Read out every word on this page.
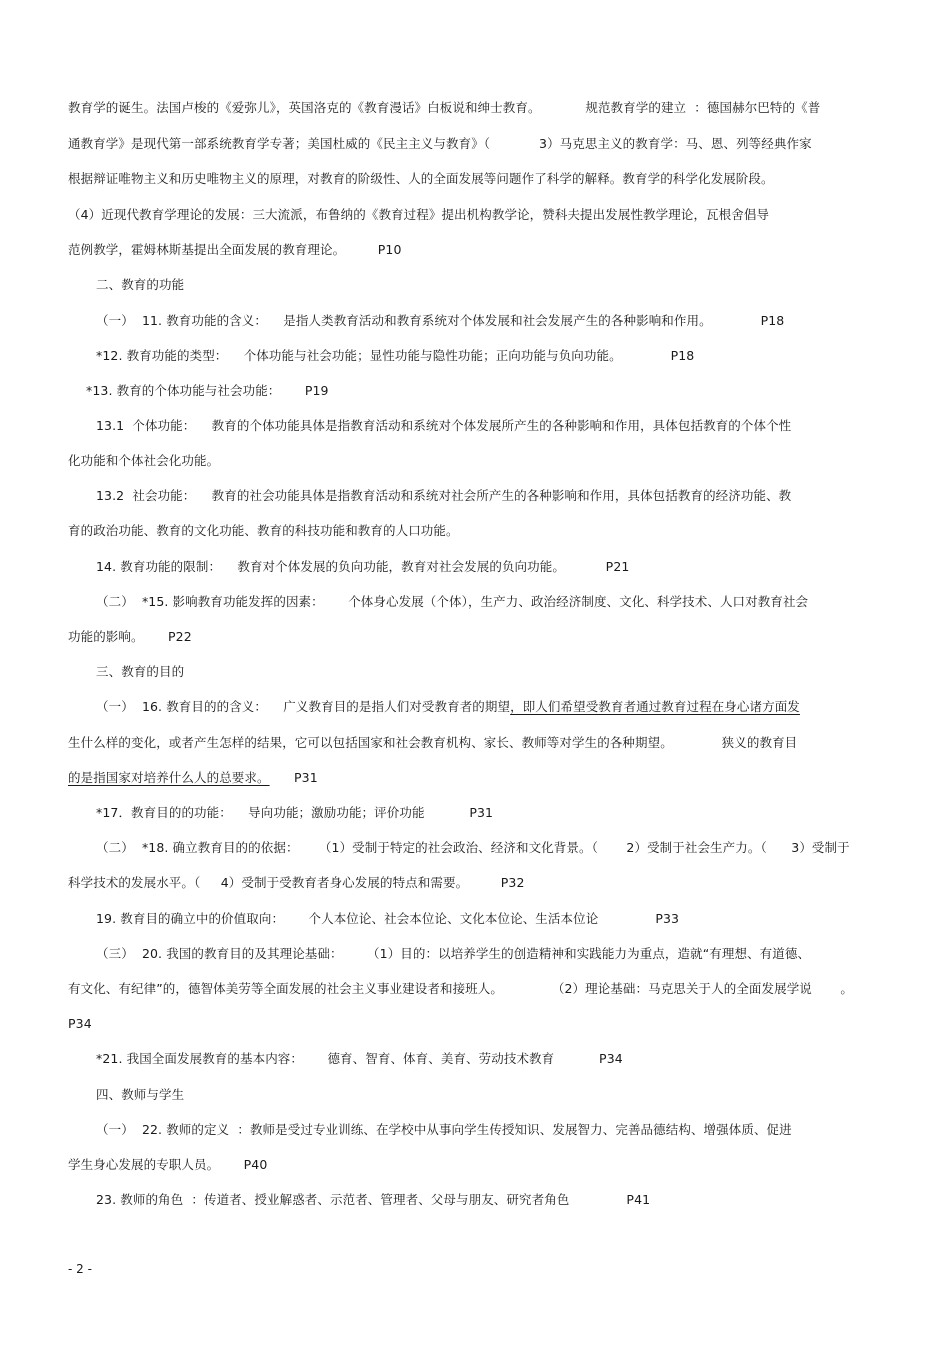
教育学的诞生。法国卢梭的《爱弥儿》，英国洛克的《教育漫话》白板说和绅士教育。           规范教育学的建立  ：德国赫尔巴特的《普
通教育学》是现代第一部系统教育学专著；美国杜威的《民主主义与教育》（            3）马克思主义的教育学：马、恩、列等经典作家
根据辩证唯物主义和历史唯物主义的原理，对教育的阶级性、人的全面发展等问题作了科学的解释。教育学的科学化发展阶段。
（4）近现代教育学理论的发展：三大流派，布鲁纳的《教育过程》提出机构教学论，赞科夫提出发展性教学理论，瓦根舍倡导
范例教学，霍姆林斯基提出全面发展的教育理论。        P10
二、教育的功能
（一）  11. 教育功能的含义：    是指人类教育活动和教育系统对个体发展和社会发展产生的各种影响和作用。            P18
*12. 教育功能的类型：    个体功能与社会功能；显性功能与隐性功能；正向功能与负向功能。            P18
*13. 教育的个体功能与社会功能：      P19
13.1  个体功能：    教育的个体功能具体是指教育活动和系统对个体发展所产生的各种影响和作用，具体包括教育的个体个性
化功能和个体社会化功能。
13.2  社会功能：    教育的社会功能具体是指教育活动和系统对社会所产生的各种影响和作用，具体包括教育的经济功能、教
育的政治功能、教育的文化功能、教育的科技功能和教育的人口功能。
14. 教育功能的限制：    教育对个体发展的负向功能，教育对社会发展的负向功能。          P21
（二）  *15. 影响教育功能发挥的因素：      个体身心发展（个体），生产力、政治经济制度、文化、科学技术、人口对教育社会
功能的影响。      P22
三、教育的目的
（一）  16. 教育目的的含义：    广义教育目的是指人们对受教育者的期望，即人们希望受教育者通过教育过程在身心诸方面发
生什么样的变化，或者产生怎样的结果，它可以包括国家和社会教育机构、家长、教师等对学生的各种期望。            狭义的教育目
的是指国家对培养什么人的总要求。      P31
*17．教育目的的功能：    导向功能；激励功能；评价功能           P31
（二）  *18. 确立教育目的的依据：     （1）受制于特定的社会政治、经济和文化背景。（       2）受制于社会生产力。（      3）受制于
科学技术的发展水平。（     4）受制于受教育者身心发展的特点和需要。        P32
19. 教育目的确立中的价值取向：      个人本位论、社会本位论、文化本位论、生活本位论              P33
（三）  20. 我国的教育目的及其理论基础：      （1）目的：以培养学生的创造精神和实践能力为重点，造就“有理想、有道德、
有文化、有纪律”的，德智体美劳等全面发展的社会主义事业建设者和接班人。            （2）理论基础：马克思关于人的全面发展学说       。
P34
*21. 我国全面发展教育的基本内容：      德育、智育、体育、美育、劳动技术教育           P34
四、教师与学生
（一）  22. 教师的定义  ：教师是受过专业训练、在学校中从事向学生传授知识、发展智力、完善品德结构、增强体质、促进
学生身心发展的专职人员。      P40
23. 教师的角色  ：传道者、授业解惑者、示范者、管理者、父母与朋友、研究者角色              P41
- 2 -
